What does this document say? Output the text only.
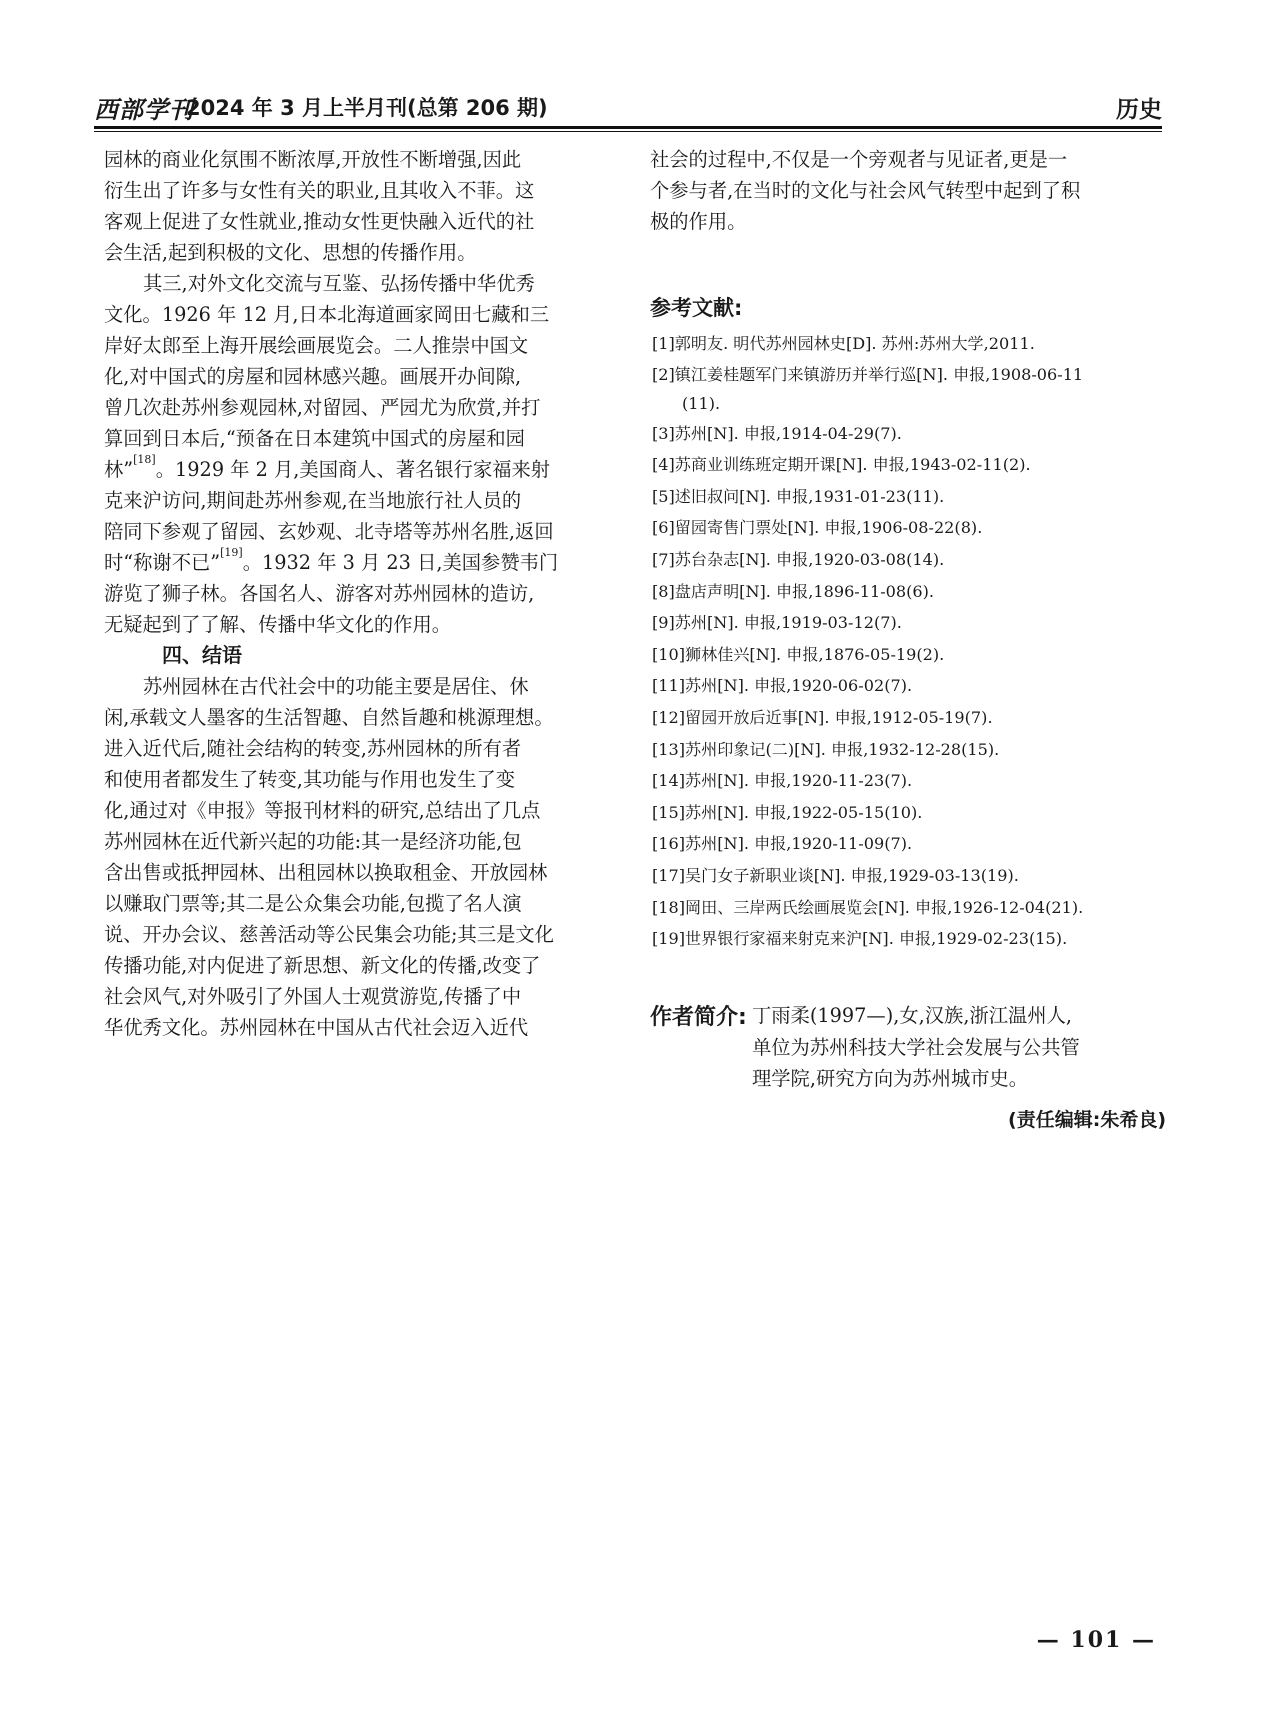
西部学刊
2024 年 3 月上半月刊(总第 206 期)	历史

园林的商业化氛围不断浓厚,开放性不断增强,因此

衍生出了许多与女性有关的职业,且其收入不菲。这

客观上促进了女性就业,推动女性更快融入近代的社

会生活,起到积极的文化、思想的传播作用。

其三,对外文化交流与互鉴、弘扬传播中华优秀

文化。1926 年 12 月,日本北海道画家岡田七藏和三

岸好太郎至上海开展绘画展览会。二人推崇中国文

化,对中国式的房屋和园林感兴趣。画展开办间隙,

曾几次赴苏州参观园林,对留园、严园尤为欣赏,并打

算回到日本后,“预备在日本建筑中国式的房屋和园

林”[18]。1929 年 2 月,美国商人、著名银行家福来射

克来沪访问,期间赴苏州参观,在当地旅行社人员的

陪同下参观了留园、玄妙观、北寺塔等苏州名胜,返回

时“称谢不已”[19]。1932 年 3 月 23 日,美国参赞韦门

游览了狮子林。各国名人、游客对苏州园林的造访,

无疑起到了了解、传播中华文化的作用。

四、结语

苏州园林在古代社会中的功能主要是居住、休

闲,承载文人墨客的生活智趣、自然旨趣和桃源理想。

进入近代后,随社会结构的转变,苏州园林的所有者

和使用者都发生了转变,其功能与作用也发生了变

化,通过对《申报》等报刊材料的研究,总结出了几点

苏州园林在近代新兴起的功能:其一是经济功能,包

含出售或抵押园林、出租园林以换取租金、开放园林

以赚取门票等;其二是公众集会功能,包揽了名人演

说、开办会议、慈善活动等公民集会功能;其三是文化

传播功能,对内促进了新思想、新文化的传播,改变了

社会风气,对外吸引了外国人士观赏游览,传播了中

华优秀文化。苏州园林在中国从古代社会迈入近代

社会的过程中,不仅是一个旁观者与见证者,更是一

个参与者,在当时的文化与社会风气转型中起到了积

极的作用。

参考文献:

[1]郭明友. 明代苏州园林史[D]. 苏州:苏州大学,2011.
[2]镇江姜桂题军门来镇游历并举行巡[N]. 申报,1908-06-11
(11).
[3]苏州[N]. 申报,1914-04-29(7).
[4]苏商业训练班定期开课[N]. 申报,1943-02-11(2).
[5]述旧叔问[N]. 申报,1931-01-23(11).
[6]留园寄售门票处[N]. 申报,1906-08-22(8).
[7]苏台杂志[N]. 申报,1920-03-08(14).
[8]盘店声明[N]. 申报,1896-11-08(6).
[9]苏州[N]. 申报,1919-03-12(7).
[10]狮林佳兴[N]. 申报,1876-05-19(2).
[11]苏州[N]. 申报,1920-06-02(7).
[12]留园开放后近事[N]. 申报,1912-05-19(7).
[13]苏州印象记(二)[N]. 申报,1932-12-28(15).
[14]苏州[N]. 申报,1920-11-23(7).
[15]苏州[N]. 申报,1922-05-15(10).
[16]苏州[N]. 申报,1920-11-09(7).
[17]吴门女子新职业谈[N]. 申报,1929-03-13(19).
[18]岡田、三岸两氏绘画展览会[N]. 申报,1926-12-04(21).
[19]世界银行家福来射克来沪[N]. 申报,1929-02-23(15).
作者简介: 丁雨柔(1997—),女,汉族,浙江温州人,
单位为苏州科技大学社会发展与公共管
理学院,研究方向为苏州城市史。

(责任编辑:朱希良)
— 101 —
